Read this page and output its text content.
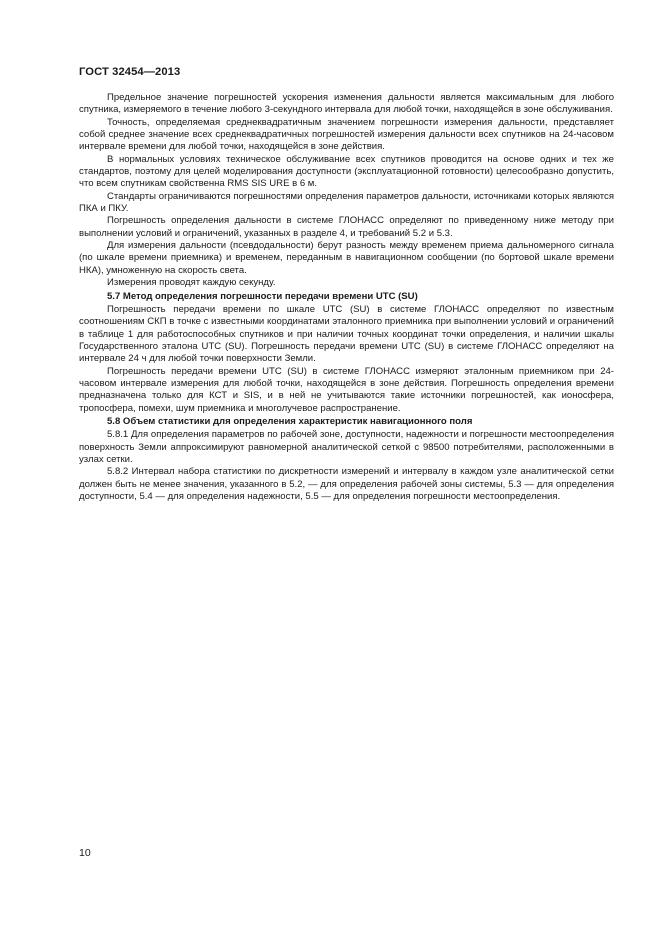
ГОСТ 32454—2013

Предельное значение погрешностей ускорения изменения дальности является максимальным для любого спутника, измеряемого в течение любого 3-секундного интервала для любой точки, находящейся в зоне обслуживания.

Точность, определяемая среднеквадратичным значением погрешности измерения дальности, представляет собой среднее значение всех среднеквадратичных погрешностей измерения дальности всех спутников на 24-часовом интервале времени для любой точки, находящейся в зоне действия.

В нормальных условиях техническое обслуживание всех спутников проводится на основе одних и тех же стандартов, поэтому для целей моделирования доступности (эксплуатационной готовности) целесообразно допустить, что всем спутникам свойственна RMS SIS URE в 6 м.

Стандарты ограничиваются погрешностями определения параметров дальности, источниками которых являются ПКА и ПКУ.

Погрешность определения дальности в системе ГЛОНАСС определяют по приведенному ниже методу при выполнении условий и ограничений, указанных в разделе 4, и требований 5.2 и 5.3.

Для измерения дальности (псевдодальности) берут разность между временем приема дальномерного сигнала (по шкале времени приемника) и временем, переданным в навигационном сообщении (по бортовой шкале времени НКА), умноженную на скорость света.

Измерения проводят каждую секунду.

5.7 Метод определения погрешности передачи времени UTC (SU)

Погрешность передачи времени по шкале UTC (SU) в системе ГЛОНАСС определяют по известным соотношениям СКП в точке с известными координатами эталонного приемника при выполнении условий и ограничений в таблице 1 для работоспособных спутников и при наличии точных координат точки определения, и наличии шкалы Государственного эталона UTC (SU). Погрешность передачи времени UTC (SU) в системе ГЛОНАСС определяют на интервале 24 ч для любой точки поверхности Земли.

Погрешность передачи времени UTC (SU) в системе ГЛОНАСС измеряют эталонным приемником при 24-часовом интервале измерения для любой точки, находящейся в зоне действия. Погрешность определения времени предназначена только для КСТ и SIS, и в ней не учитываются такие источники погрешностей, как ионосфера, тропосфера, помехи, шум приемника и многолучевое распространение.

5.8 Объем статистики для определения характеристик навигационного поля

5.8.1 Для определения параметров по рабочей зоне, доступности, надежности и погрешности местоопределения поверхность Земли аппроксимируют равномерной аналитической сеткой с 98500 потребителями, расположенными в узлах сетки.

5.8.2 Интервал набора статистики по дискретности измерений и интервалу в каждом узле аналитической сетки должен быть не менее значения, указанного в 5.2, — для определения рабочей зоны системы, 5.3 — для определения доступности, 5.4 — для определения надежности, 5.5 — для определения погрешности местоопределения.

10
